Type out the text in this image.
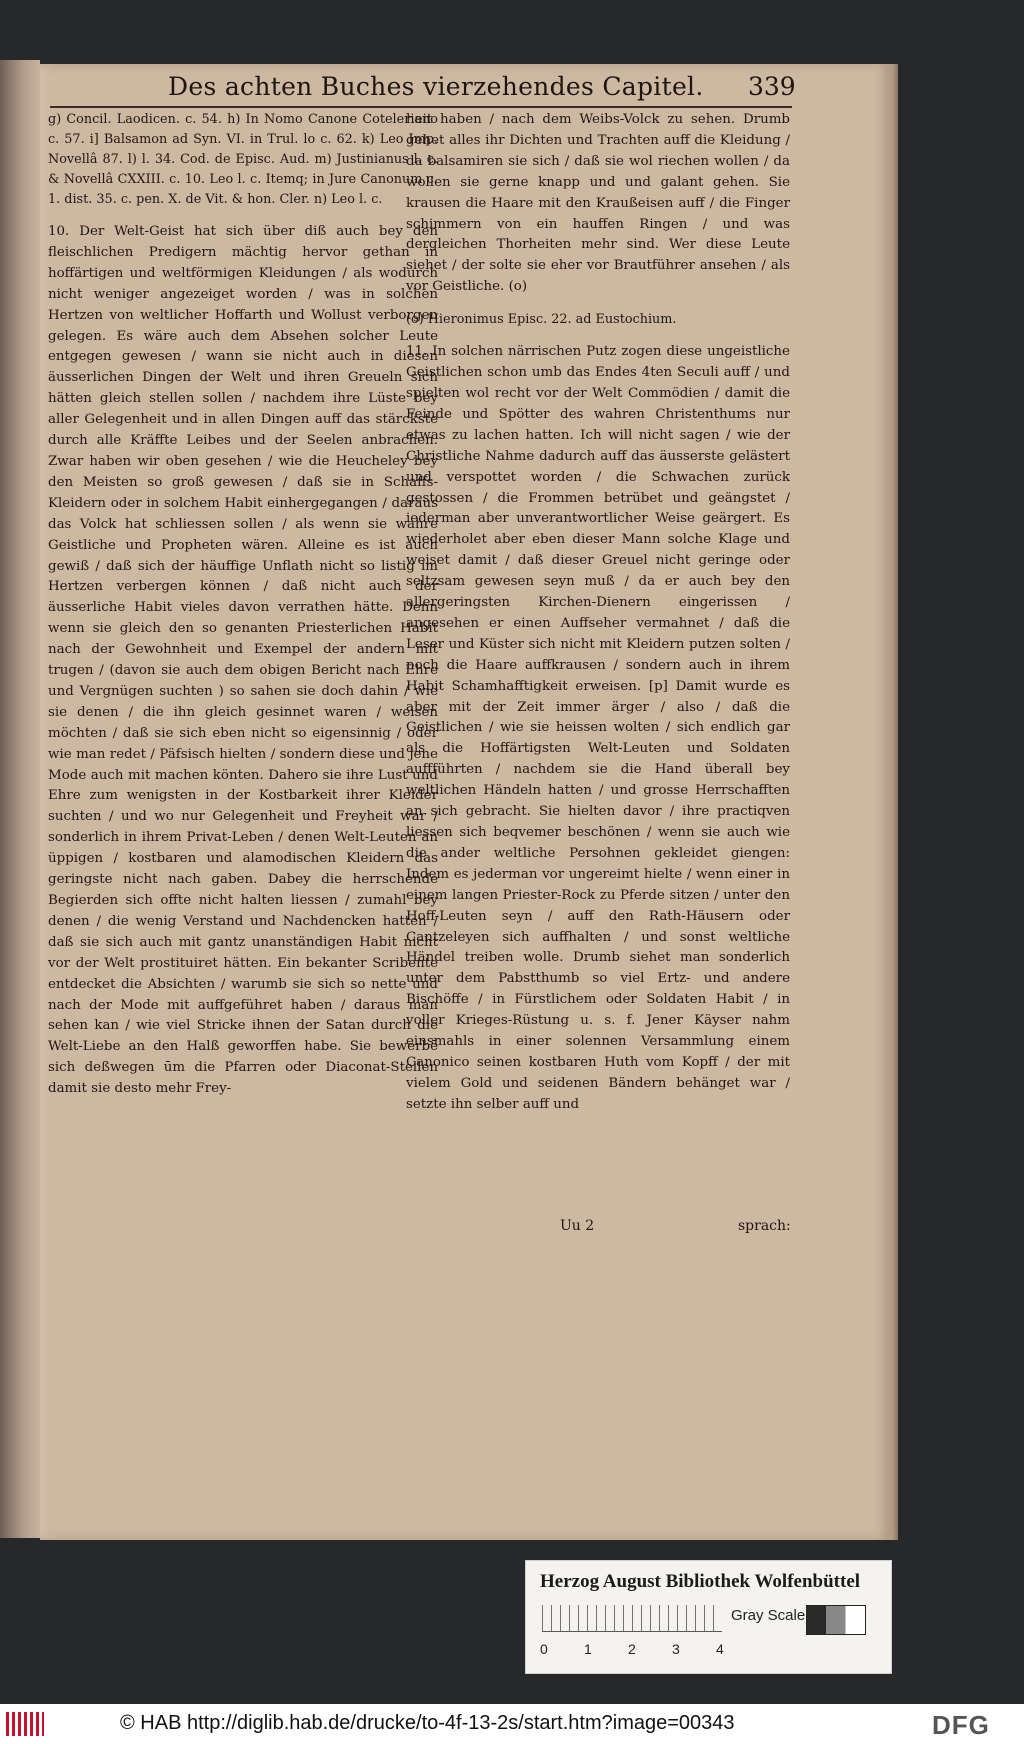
Des achten Buches vierzehendes Capitel.	339

g) Concil. Laodicen. c. 54. h) In Nomo Canone Coteleriano c. 57. i] Balsamon ad Syn. VI. in Trul. lo c. 62. k) Leo Imp. Novellâ 87. l) l. 34. Cod. de Episc. Aud. m) Justinianus l. c. & Novellâ CXXIII. c. 10. Leo l. c. Itemq; in Jure Canonum c. 1. dist. 35. c. pen. X. de Vit. & hon. Cler. n) Leo l. c.

10. Der Welt-Geist hat sich über diß auch bey den fleischlichen Predigern mächtig hervor gethan in hoffärtigen und weltförmigen Kleidungen / als wodurch nicht weniger angezeiget worden / was in solchen Hertzen von weltlicher Hoffarth und Wollust verborgen gelegen. Es wäre auch dem Absehen solcher Leute entgegen gewesen / wann sie nicht auch in diesen äusserlichen Dingen der Welt und ihren Greueln sich hätten gleich stellen sollen / nachdem ihre Lüste bey aller Gelegenheit und in allen Dingen auff das stärckste durch alle Kräffte Leibes und der Seelen anbrachen. Zwar haben wir oben gesehen / wie die Heucheley bey den Meisten so groß gewesen / daß sie in Schaffs-Kleidern oder in solchem Habit einhergegangen / daraus das Volck hat schliessen sollen / als wenn sie wahre Geistliche und Propheten wären. Alleine es ist auch gewiß / daß sich der häuffige Unflath nicht so listig im Hertzen verbergen können / daß nicht auch der äusserliche Habit vieles davon verrathen hätte. Denn wenn sie gleich den so genanten Priesterlichen Habit nach der Gewohnheit und Exempel der andern mit trugen / (davon sie auch dem obigen Bericht nach Ehre und Vergnügen suchten ) so sahen sie doch dahin / wie sie denen / die ihn gleich gesinnet waren / weisen möchten / daß sie sich eben nicht so eigensinnig / oder wie man redet / Päfsisch hielten / sondern diese und jene Mode auch mit machen könten. Dahero sie ihre Lust und Ehre zum wenigsten in der Kostbarkeit ihrer Kleider suchten / und wo nur Gelegenheit und Freyheit war / sonderlich in ihrem Privat-Leben / denen Welt-Leuten an üppigen / kostbaren und alamodischen Kleidern das geringste nicht nach gaben. Dabey die herrschende Begierden sich offte nicht halten liessen / zumahl bey denen / die wenig Verstand und Nachdencken hatten / daß sie sich auch mit gantz unanständigen Habit nicht vor der Welt prostituiret hätten. Ein bekanter Scribente entdecket die Absichten / warumb sie sich so nette und nach der Mode mit auffgeführet haben / daraus man sehen kan / wie viel Stricke ihnen der Satan durch die Welt-Liebe an den Halß geworffen habe. Sie bewerbē sich deßwegen ūm die Pfarren oder Diaconat-Stellen damit sie desto mehr Frey-

heit haben / nach dem Weibs-Volck zu sehen. Drumb gehet alles ihr Dichten und Trachten auff die Kleidung / da balsamiren sie sich / daß sie wol riechen wollen / da wollen sie gerne knapp und und galant gehen. Sie krausen die Haare mit den Kraußeisen auff / die Finger schimmern von ein hauffen Ringen / und was dergleichen Thorheiten mehr sind. Wer diese Leute siehet / der solte sie eher vor Brautführer ansehen / als vor Geistliche. (o)

(o) Hieronimus Episc. 22. ad Eustochium.

11. In solchen närrischen Putz zogen diese ungeistliche Geistlichen schon umb das Endes 4ten Seculi auff / und spielten wol recht vor der Welt Commödien / damit die Feinde und Spötter des wahren Christenthums nur etwas zu lachen hatten. Ich will nicht sagen / wie der Christliche Nahme dadurch auff das äusserste gelästert und verspottet worden / die Schwachen zurück gestossen / die Frommen betrübet und geängstet / iederman aber unverantwortlicher Weise geärgert. Es wiederholet aber eben dieser Mann solche Klage und weiset damit / daß dieser Greuel nicht geringe oder seltzsam gewesen seyn muß / da er auch bey den allergeringsten Kirchen-Dienern eingerissen / angesehen er einen Auffseher vermahnet / daß die Leser und Küster sich nicht mit Kleidern putzen solten / noch die Haare auffkrausen / sondern auch in ihrem Habit Schamhafftigkeit erweisen. [p] Damit wurde es aber mit der Zeit immer ärger / also / daß die Geistlichen / wie sie heissen wolten / sich endlich gar als die Hoffärtigsten Welt-Leuten und Soldaten auffführten / nachdem sie die Hand überall bey weltlichen Händeln hatten / und grosse Herrschafften an sich gebracht. Sie hielten davor / ihre practiqven liessen sich beqvemer beschönen / wenn sie auch wie die ander weltliche Persohnen gekleidet giengen: Indem es jederman vor ungereimt hielte / wenn einer in einem langen Priester-Rock zu Pferde sitzen / unter den Hoff-Leuten seyn / auff den Rath-Häusern oder Cantzeleyen sich auffhalten / und sonst weltliche Händel treiben wolle. Drumb siehet man sonderlich unter dem Pabstthumb so viel Ertz- und andere Bischöffe / in Fürstlichem oder Soldaten Habit / in voller Krieges-Rüstung u. s. f. Jener Käyser nahm einsmahls in einer solennen Versammlung einem Canonico seinen kostbaren Huth vom Kopff / der mit vielem Gold und seidenen Bändern behänget war / setzte ihn selber auff und

Uu 2	sprach:
Herzog August Bibliothek Wolfenbüttel
0	1	2	3	4
Gray Scale
© HAB http://diglib.hab.de/drucke/to-4f-13-2s/start.htm?image=00343	DFG
